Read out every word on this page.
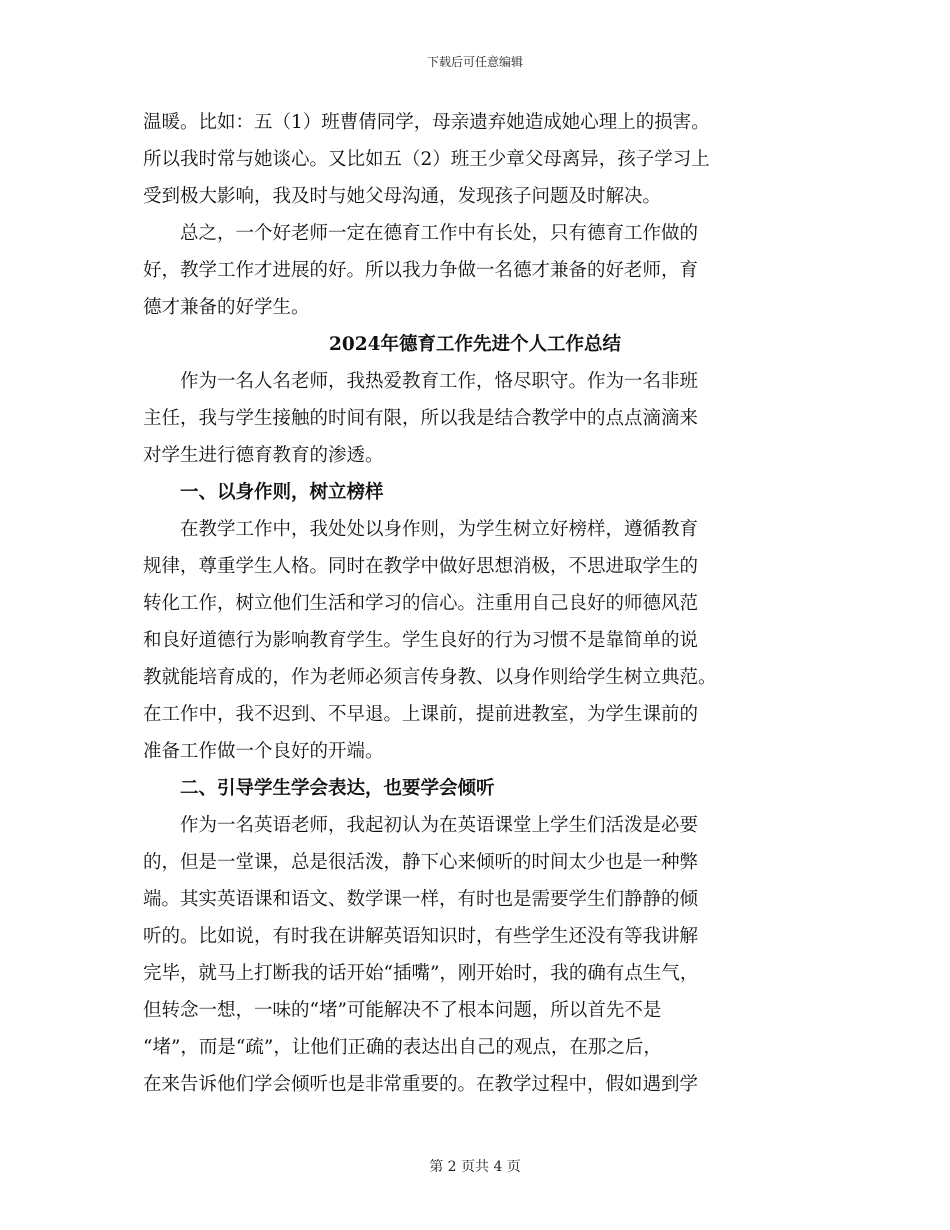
下载后可任意编辑
温暖。比如：五（1）班曹倩同学，母亲遗弃她造成她心理上的损害。
所以我时常与她谈心。又比如五（2）班王少章父母离异，孩子学习上
受到极大影响，我及时与她父母沟通，发现孩子问题及时解决。
总之，一个好老师一定在德育工作中有长处，只有德育工作做的
好，教学工作才进展的好。所以我力争做一名德才兼备的好老师，育
德才兼备的好学生。
2024年德育工作先进个人工作总结
作为一名人名老师，我热爱教育工作，恪尽职守。作为一名非班
主任，我与学生接触的时间有限，所以我是结合教学中的点点滴滴来
对学生进行德育教育的渗透。
一、以身作则，树立榜样
在教学工作中，我处处以身作则，为学生树立好榜样，遵循教育
规律，尊重学生人格。同时在教学中做好思想消极，不思进取学生的
转化工作，树立他们生活和学习的信心。注重用自己良好的师德风范
和良好道德行为影响教育学生。学生良好的行为习惯不是靠简单的说
教就能培育成的，作为老师必须言传身教、以身作则给学生树立典范。
在工作中，我不迟到、不早退。上课前，提前进教室，为学生课前的
准备工作做一个良好的开端。
二、引导学生学会表达，也要学会倾听
作为一名英语老师，我起初认为在英语课堂上学生们活泼是必要
的，但是一堂课，总是很活泼，静下心来倾听的时间太少也是一种弊
端。其实英语课和语文、数学课一样，有时也是需要学生们静静的倾
听的。比如说，有时我在讲解英语知识时，有些学生还没有等我讲解
完毕，就马上打断我的话开始“插嘴”，刚开始时，我的确有点生气，
但转念一想，一味的“堵”可能解决不了根本问题，所以首先不是
“堵”，而是“疏”，让他们正确的表达出自己的观点，在那之后，
在来告诉他们学会倾听也是非常重要的。在教学过程中，假如遇到学
第 2 页共 4 页
